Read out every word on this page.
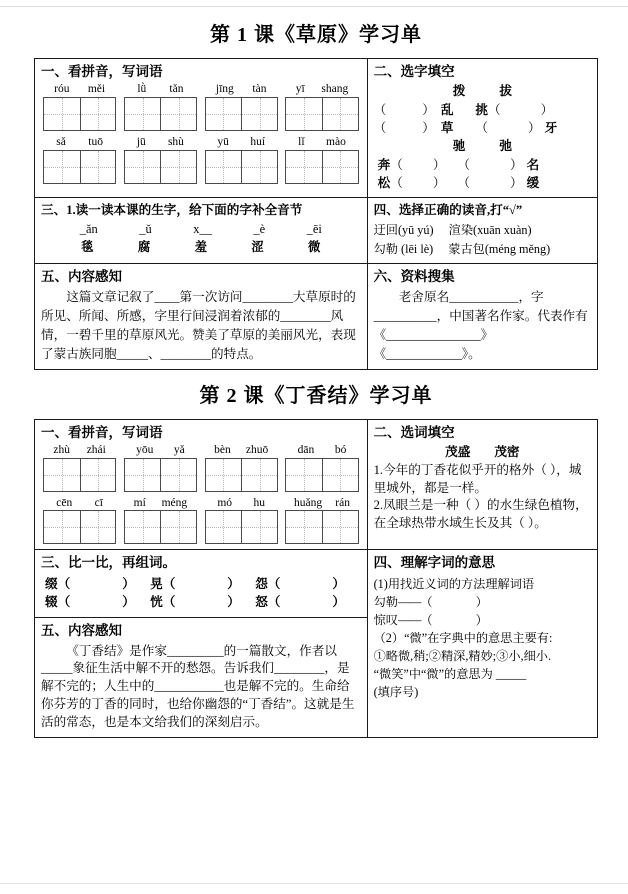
第 1 课《草原》学习单
一、看拼音，写词语
róu měi	lǜ tǎn	jīng tàn	yī shang
sǎ tuō	jū shù	yū huí	lǐ mào

二、选字填空
拨	拔
（	） 乱 挑 （	）
（	） 草 （	） 牙
驰	弛
奔 （ ） （	） 名
松 （ ） （	） 缓

三、1.读一读本课的生字，给下面的字补全音节
_ǎn	_ǔ	x__	_è	_ēi
毯	腐	羞	涩	微

四、选择正确的读音,打“√”
迂回(yū yú) 渲染(xuān xuàn)
勾勒 (lēi lè) 蒙古包(méng měng)

五、内容感知
这篇文章记叙了____第一次访问________大草原时的所见、所闻、所感，字里行间浸润着浓郁的________风情，一碧千里的草原风光。赞美了草原的美丽风光，表现了蒙古族同胞_____、________的特点。

六、资料搜集
老舍原名___________，字__________，中国著名作家。代表作有《_______________》《____________》。
第 2 课《丁香结》学习单
一、看拼音，写词语
zhù zhái	yōu yǎ	bèn zhuō	dān bó
cēn cī	mí méng	mó hu	huǎng rán

二、选词填空
茂盛 茂密
1.今年的丁香花似乎开的格外（ ），城里城外，都是一样。
2.凤眼兰是一种（ ）的水生绿色植物，在全球热带水域生长及其（ ）。

三、比一比，再组词。
缀（	）	晃（	）	怨（	）
辍（	）	恍（	）	怒（	）

四、理解字词的意思
(1)用找近义词的方法理解词语
勾勒——（	）
惊叹——（	）
（2）“微”在字典中的意思主要有:
①略微,稍;②精深,精妙;③小,细小.
“微笑”中“微”的意思为 _____
(填序号)

五、内容感知
《丁香结》是作家_________的一篇散文，作者以_____象征生活中解不开的愁怨。告诉我们________，是解不完的；人生中的___________也是解不完的。生命给你芬芳的丁香的同时，也给你幽怨的“丁香结”。这就是生活的常态，也是本文给我们的深刻启示。	
